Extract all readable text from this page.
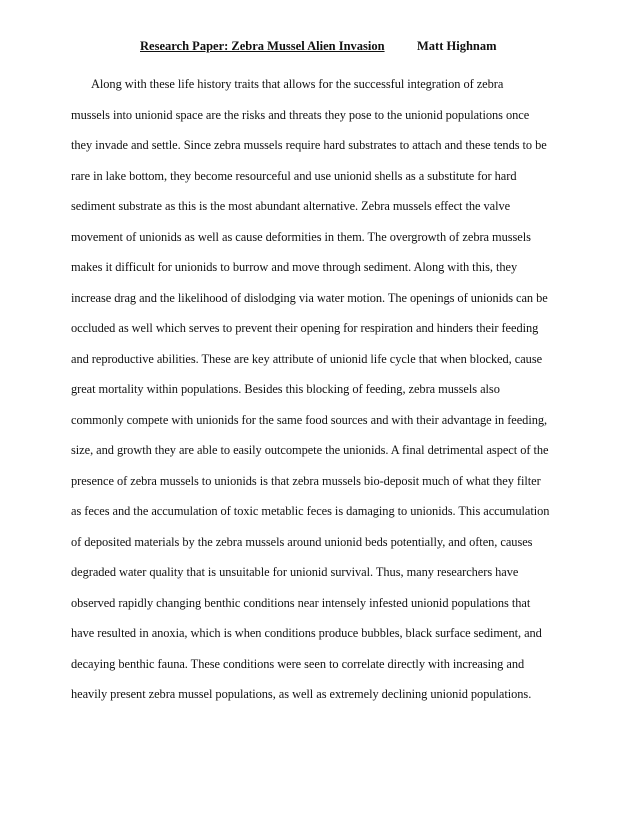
Research Paper: Zebra Mussel Alien Invasion	Matt Highnam
Along with these life history traits that allows for the successful integration of zebra
mussels into unionid space are the risks and threats they pose to the unionid populations once
they invade and settle. Since zebra mussels require hard substrates to attach and these tends to be
rare in lake bottom, they become resourceful and use unionid shells as a substitute for hard
sediment substrate as this is the most abundant alternative. Zebra mussels effect the valve
movement of unionids as well as cause deformities in them. The overgrowth of zebra mussels
makes it difficult for unionids to burrow and move through sediment. Along with this, they
increase drag and the likelihood of dislodging via water motion. The openings of unionids can be
occluded as well which serves to prevent their opening for respiration and hinders their feeding
and reproductive abilities. These are key attribute of unionid life cycle that when blocked, cause
great mortality within populations. Besides this blocking of feeding, zebra mussels also
commonly compete with unionids for the same food sources and with their advantage in feeding,
size, and growth they are able to easily outcompete the unionids. A final detrimental aspect of the
presence of zebra mussels to unionids is that zebra mussels bio-deposit much of what they filter
as feces and the accumulation of toxic metablic feces is damaging to unionids. This accumulation
of deposited materials by the zebra mussels around unionid beds potentially, and often, causes
degraded water quality that is unsuitable for unionid survival. Thus, many researchers have
observed rapidly changing benthic conditions near intensely infested unionid populations that
have resulted in anoxia, which is when conditions produce bubbles, black surface sediment, and
decaying benthic fauna. These conditions were seen to correlate directly with increasing and
heavily present zebra mussel populations, as well as extremely declining unionid populations.
